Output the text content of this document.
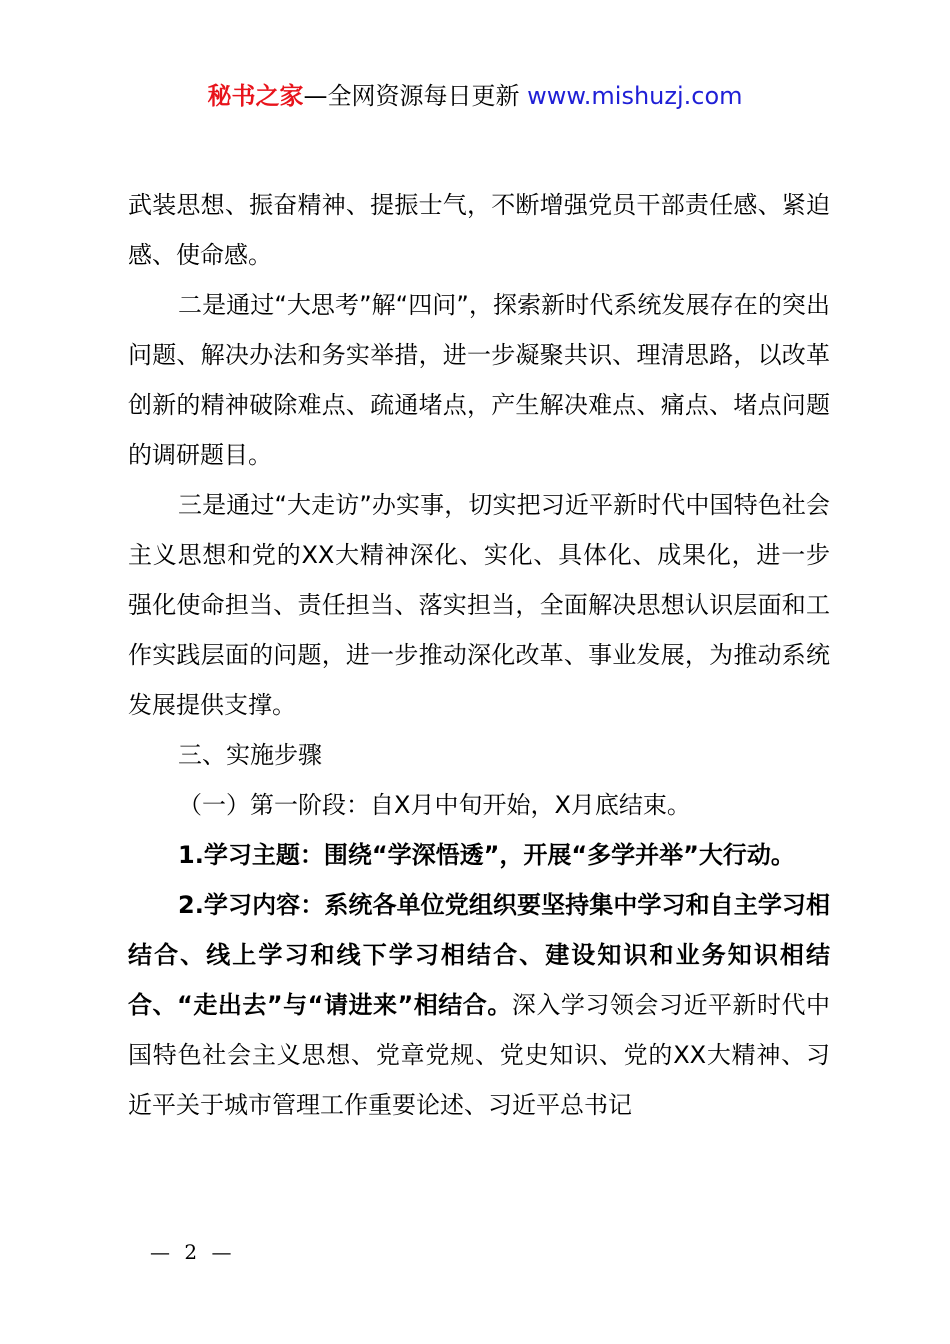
秘书之家—全网资源每日更新 www.mishuzj.com

武装思想、振奋精神、提振士气，不断增强党员干部责任感、紧迫感、使命感。

二是通过“大思考”解“四问”，探索新时代系统发展存在的突出问题、解决办法和务实举措，进一步凝聚共识、理清思路，以改革创新的精神破除难点、疏通堵点，产生解决难点、痛点、堵点问题的调研题目。

三是通过“大走访”办实事，切实把习近平新时代中国特色社会主义思想和党的XX大精神深化、实化、具体化、成果化，进一步强化使命担当、责任担当、落实担当，全面解决思想认识层面和工作实践层面的问题，进一步推动深化改革、事业发展，为推动系统发展提供支撑。

三、实施步骤

（一）第一阶段：自X月中旬开始，X月底结束。

1.学习主题：围绕“学深悟透”，开展“多学并举”大行动。

2.学习内容：系统各单位党组织要坚持集中学习和自主学习相结合、线上学习和线下学习相结合、建设知识和业务知识相结合、“走出去”与“请进来”相结合。深入学习领会习近平新时代中国特色社会主义思想、党章党规、党史知识、党的XX大精神、习近平关于城市管理工作重要论述、习近平总书记

— 2 —
